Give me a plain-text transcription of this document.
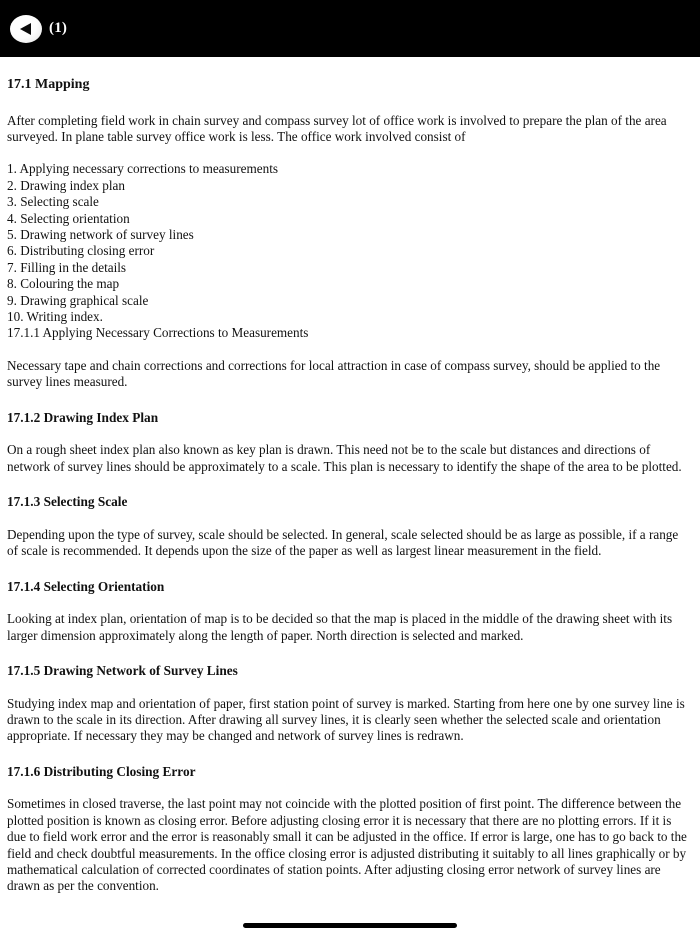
(1)
17.1 Mapping

After completing field work in chain survey and compass survey lot of office work is involved to prepare the plan of the area surveyed. In plane table survey office work is less. The office work involved consist of

1. Applying necessary corrections to measurements
2. Drawing index plan
3. Selecting scale
4. Selecting orientation
5. Drawing network of survey lines
6. Distributing closing error
7. Filling in the details
8. Colouring the map
9. Drawing graphical scale
10. Writing index.
17.1.1 Applying Necessary Corrections to Measurements

Necessary tape and chain corrections and corrections for local attraction in case of compass survey, should be applied to the survey lines measured.

17.1.2 Drawing Index Plan

On a rough sheet index plan also known as key plan is drawn. This need not be to the scale but distances and directions of network of survey lines should be approximately to a scale. This plan is necessary to identify the shape of the area to be plotted.

17.1.3 Selecting Scale

Depending upon the type of survey, scale should be selected. In general, scale selected should be as large as possible, if a range of scale is recommended. It depends upon the size of the paper as well as largest linear measurement in the field.

17.1.4 Selecting Orientation

Looking at index plan, orientation of map is to be decided so that the map is placed in the middle of the drawing sheet with its larger dimension approximately along the length of paper. North direction is selected and marked.

17.1.5 Drawing Network of Survey Lines

Studying index map and orientation of paper, first station point of survey is marked. Starting from here one by one survey line is drawn to the scale in its direction. After drawing all survey lines, it is clearly seen whether the selected scale and orientation appropriate. If necessary they may be changed and network of survey lines is redrawn.

17.1.6 Distributing Closing Error

Sometimes in closed traverse, the last point may not coincide with the plotted position of first point. The difference between the plotted position is known as closing error. Before adjusting closing error it is necessary that there are no plotting errors. If it is due to field work error and the error is reasonably small it can be adjusted in the office. If error is large, one has to go back to the field and check doubtful measurements. In the office closing error is adjusted distributing it suitably to all lines graphically or by mathematical calculation of corrected coordinates of station points. After adjusting closing error network of survey lines are drawn as per the convention.
